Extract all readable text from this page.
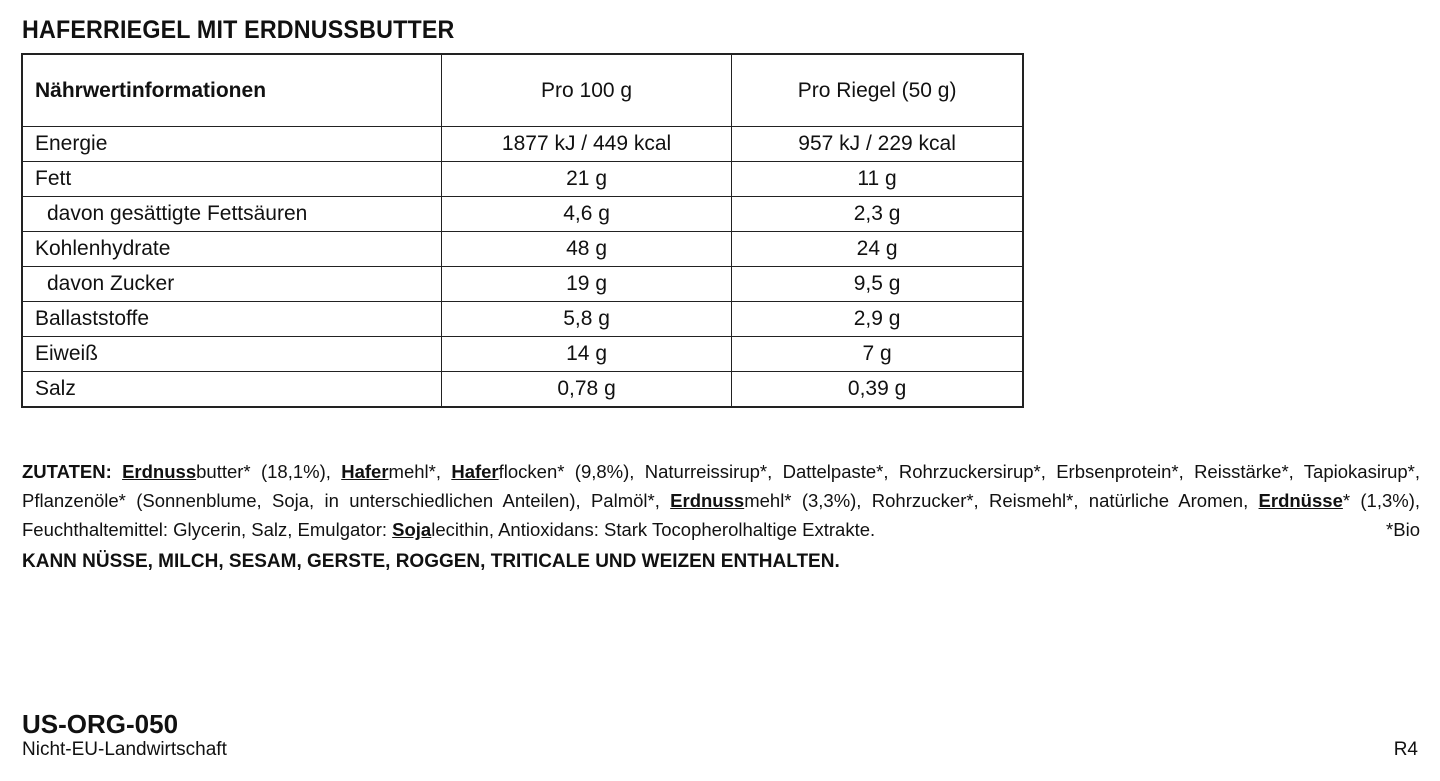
HAFERRIEGEL MIT ERDNUSSBUTTER
Nährwertinformationen	Pro 100 g	Pro Riegel (50 g)
Energie	1877 kJ / 449 kcal	957 kJ / 229 kcal
Fett	21 g	11 g
davon gesättigte Fettsäuren	4,6 g	2,3 g
Kohlenhydrate	48 g	24 g
davon Zucker	19 g	9,5 g
Ballaststoffe	5,8 g	2,9 g
Eiweiß	14 g	7 g
Salz	0,78 g	0,39 g
ZUTATEN: Erdnussbutter* (18,1%), Hafermehl*, Haferflocken* (9,8%), Naturreissirup*, Dattelpaste*, Rohrzuckersirup*, Erbsenprotein*, Reisstärke*, Tapiokasirup*, Pflanzenöle* (Sonnenblume, Soja, in unterschiedlichen Anteilen), Palmöl*, Erdnussmehl* (3,3%), Rohrzucker*, Reismehl*, natürliche Aromen, Erdnüsse* (1,3%), Feuchthaltemittel: Glycerin, Salz, Emulgator: Sojalecithin, Antioxidans: Stark Tocopherolhaltige Extrakte.	*Bio
KANN NÜSSE, MILCH, SESAM, GERSTE, ROGGEN, TRITICALE UND WEIZEN ENTHALTEN.
US-ORG-050
Nicht-EU-Landwirtschaft	R4
